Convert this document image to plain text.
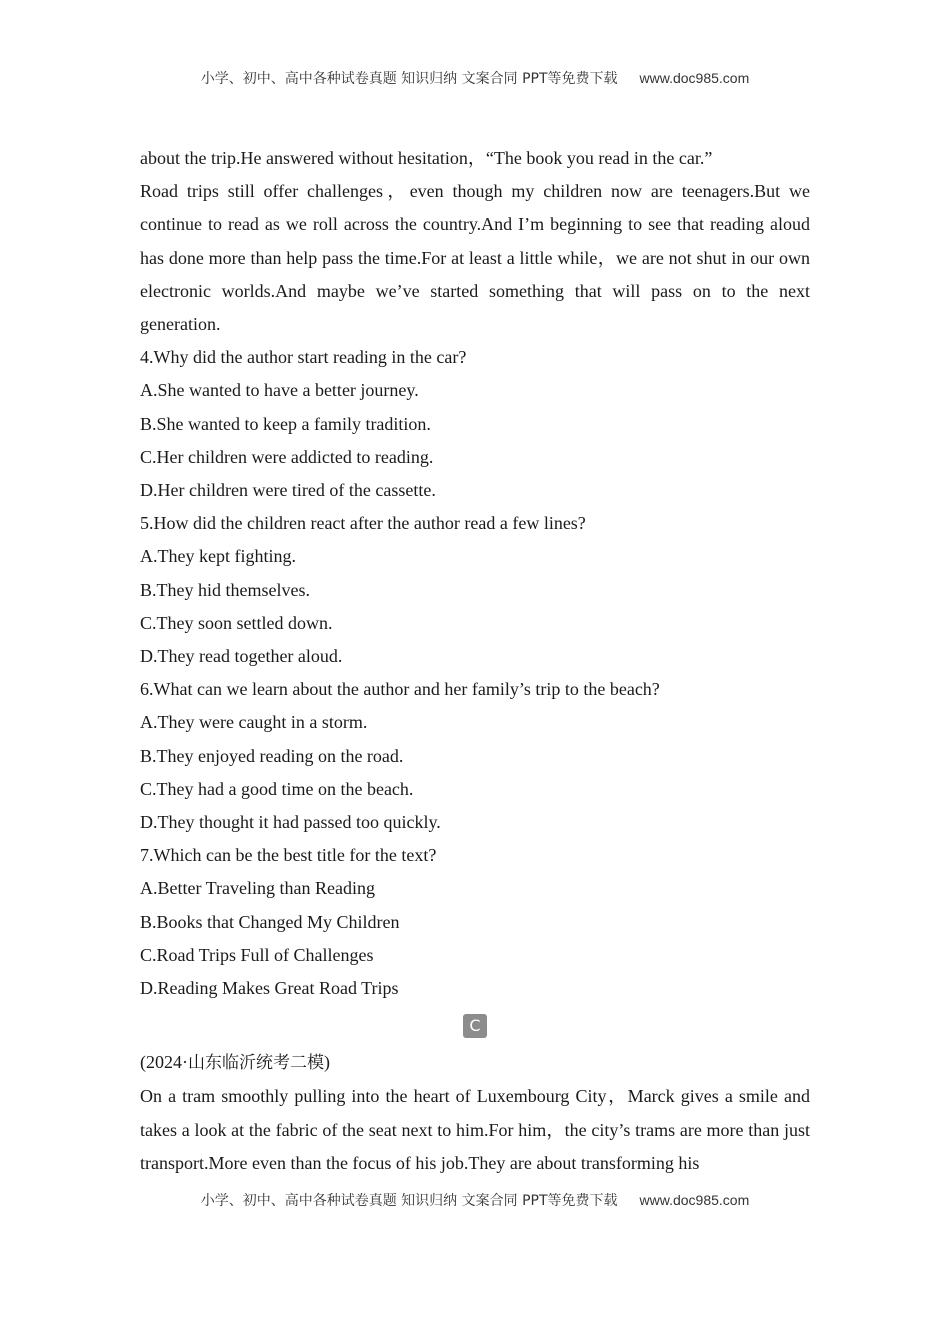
小学、初中、高中各种试卷真题 知识归纳 文案合同 PPT等免费下载 www.doc985.com

about the trip.He answered without hesitation，“The book you read in the car.”

Road trips still offer challenges，even though my children now are teenagers.But we continue to read as we roll across the country.And I’m beginning to see that reading aloud has done more than help pass the time.For at least a little while，we are not shut in our own electronic worlds.And maybe we’ve started something that will pass on to the next generation.

4.Why did the author start reading in the car?

A.She wanted to have a better journey.

B.She wanted to keep a family tradition.

C.Her children were addicted to reading.

D.Her children were tired of the cassette.

5.How did the children react after the author read a few lines?

A.They kept fighting.

B.They hid themselves.

C.They soon settled down.

D.They read together aloud.

6.What can we learn about the author and her family’s trip to the beach?

A.They were caught in a storm.

B.They enjoyed reading on the road.

C.They had a good time on the beach.

D.They thought it had passed too quickly.

7.Which can be the best title for the text?

A.Better Traveling than Reading

B.Books that Changed My Children

C.Road Trips Full of Challenges

D.Reading Makes Great Road Trips

C

(2024·山东临沂统考二模)

On a tram smoothly pulling into the heart of Luxembourg City，Marck gives a smile and takes a look at the fabric of the seat next to him.For him，the city’s trams are more than just transport.More even than the focus of his job.They are about transforming his

小学、初中、高中各种试卷真题 知识归纳 文案合同 PPT等免费下载 www.doc985.com
